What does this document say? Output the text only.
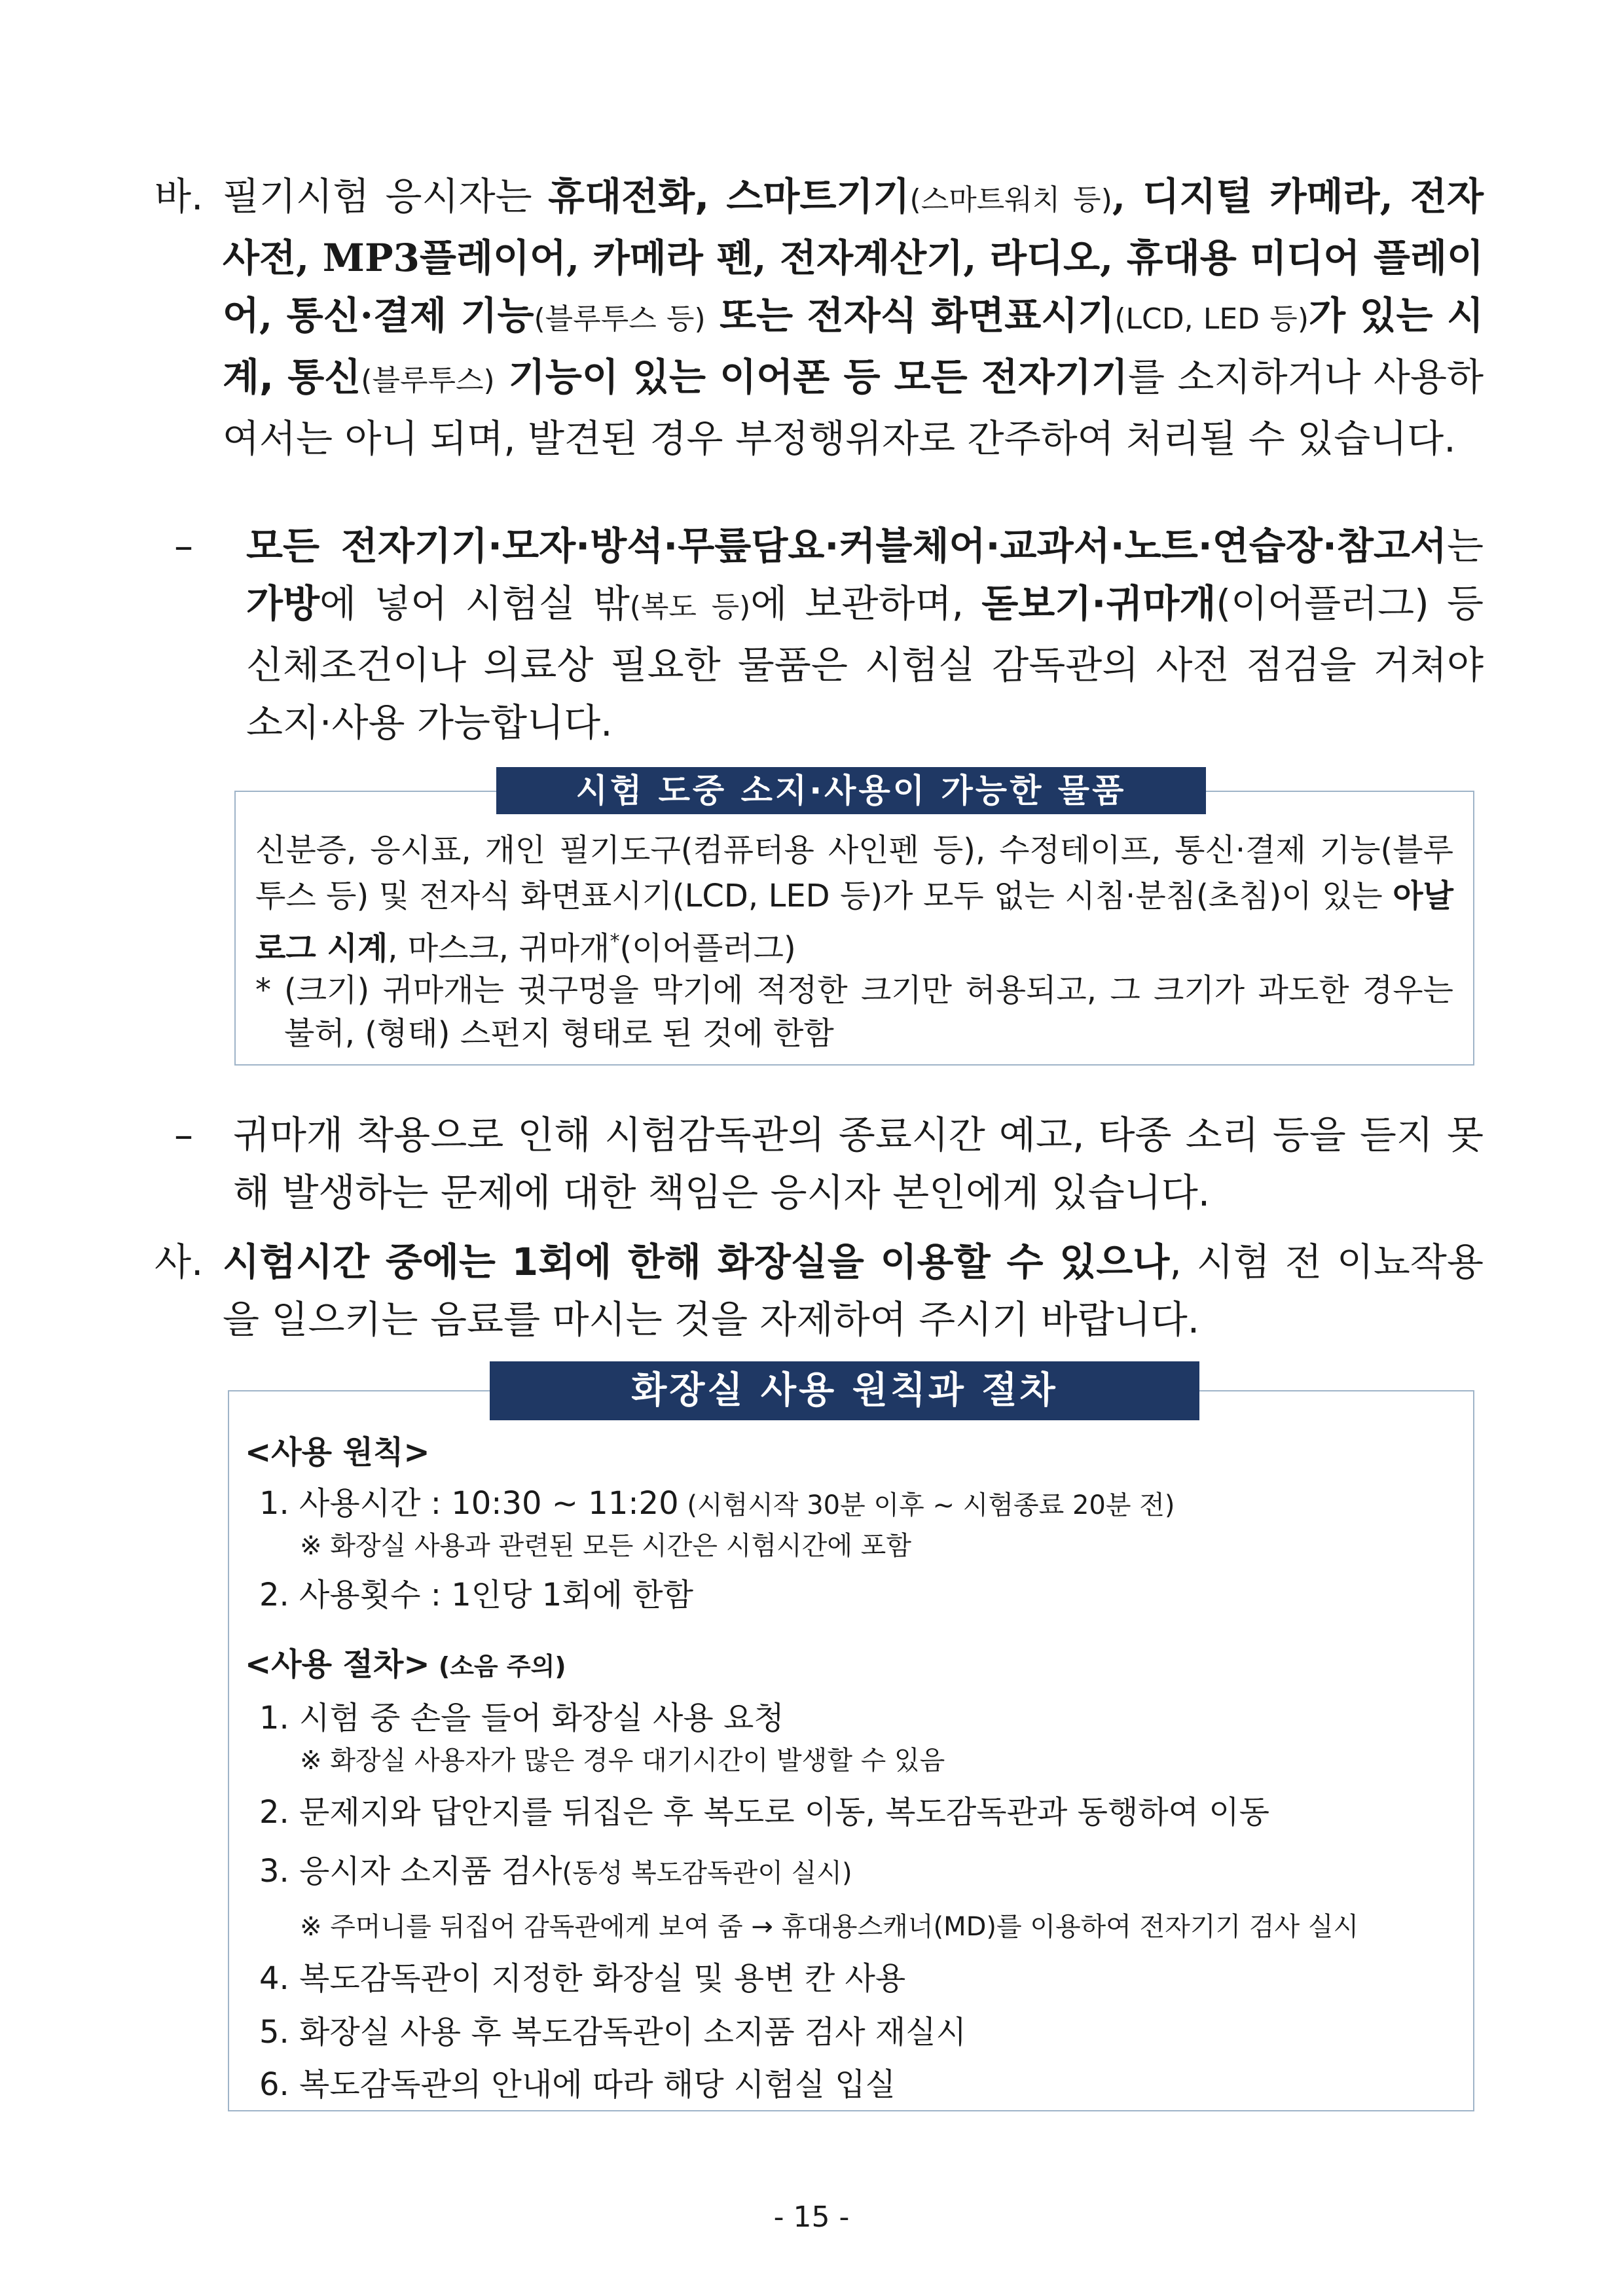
바. 필기시험 응시자는 휴대전화, 스마트기기(스마트워치 등), 디지털 카메라, 전자사전, MP3플레이어, 카메라 펜, 전자계산기, 라디오, 휴대용 미디어 플레이어, 통신·결제 기능(블루투스 등) 또는 전자식 화면표시기(LCD, LED 등)가 있는 시계, 통신(블루투스) 기능이 있는 이어폰 등 모든 전자기기를 소지하거나 사용하여서는 아니 되며, 발견된 경우 부정행위자로 간주하여 처리될 수 있습니다.
– 모든 전자기기·모자·방석·무릎담요·커블체어·교과서·노트·연습장·참고서는 가방에 넣어 시험실 밖(복도 등)에 보관하며, 돋보기·귀마개(이어플러그) 등 신체조건이나 의료상 필요한 물품은 시험실 감독관의 사전 점검을 거쳐야 소지·사용 가능합니다.
시험 도중 소지·사용이 가능한 물품
신분증, 응시표, 개인 필기도구(컴퓨터용 사인펜 등), 수정테이프, 통신·결제 기능(블루투스 등) 및 전자식 화면표시기(LCD, LED 등)가 모두 없는 시침·분침(초침)이 있는 아날로그 시계, 마스크, 귀마개*(이어플러그)
* (크기) 귀마개는 귓구멍을 막기에 적정한 크기만 허용되고, 그 크기가 과도한 경우는 불허, (형태) 스펀지 형태로 된 것에 한함
– 귀마개 착용으로 인해 시험감독관의 종료시간 예고, 타종 소리 등을 듣지 못해 발생하는 문제에 대한 책임은 응시자 본인에게 있습니다.
사. 시험시간 중에는 1회에 한해 화장실을 이용할 수 있으나, 시험 전 이뇨작용을 일으키는 음료를 마시는 것을 자제하여 주시기 바랍니다.
화장실 사용 원칙과 절차
<사용 원칙>
1. 사용시간 : 10:30 ~ 11:20 (시험시작 30분 이후 ~ 시험종료 20분 전)
※ 화장실 사용과 관련된 모든 시간은 시험시간에 포함
2. 사용횟수 : 1인당 1회에 한함
<사용 절차> (소음 주의)
1. 시험 중 손을 들어 화장실 사용 요청
※ 화장실 사용자가 많은 경우 대기시간이 발생할 수 있음
2. 문제지와 답안지를 뒤집은 후 복도로 이동, 복도감독관과 동행하여 이동
3. 응시자 소지품 검사(동성 복도감독관이 실시)
※ 주머니를 뒤집어 감독관에게 보여 줌 → 휴대용스캐너(MD)를 이용하여 전자기기 검사 실시
4. 복도감독관이 지정한 화장실 및 용변 칸 사용
5. 화장실 사용 후 복도감독관이 소지품 검사 재실시
6. 복도감독관의 안내에 따라 해당 시험실 입실
- 15 -
